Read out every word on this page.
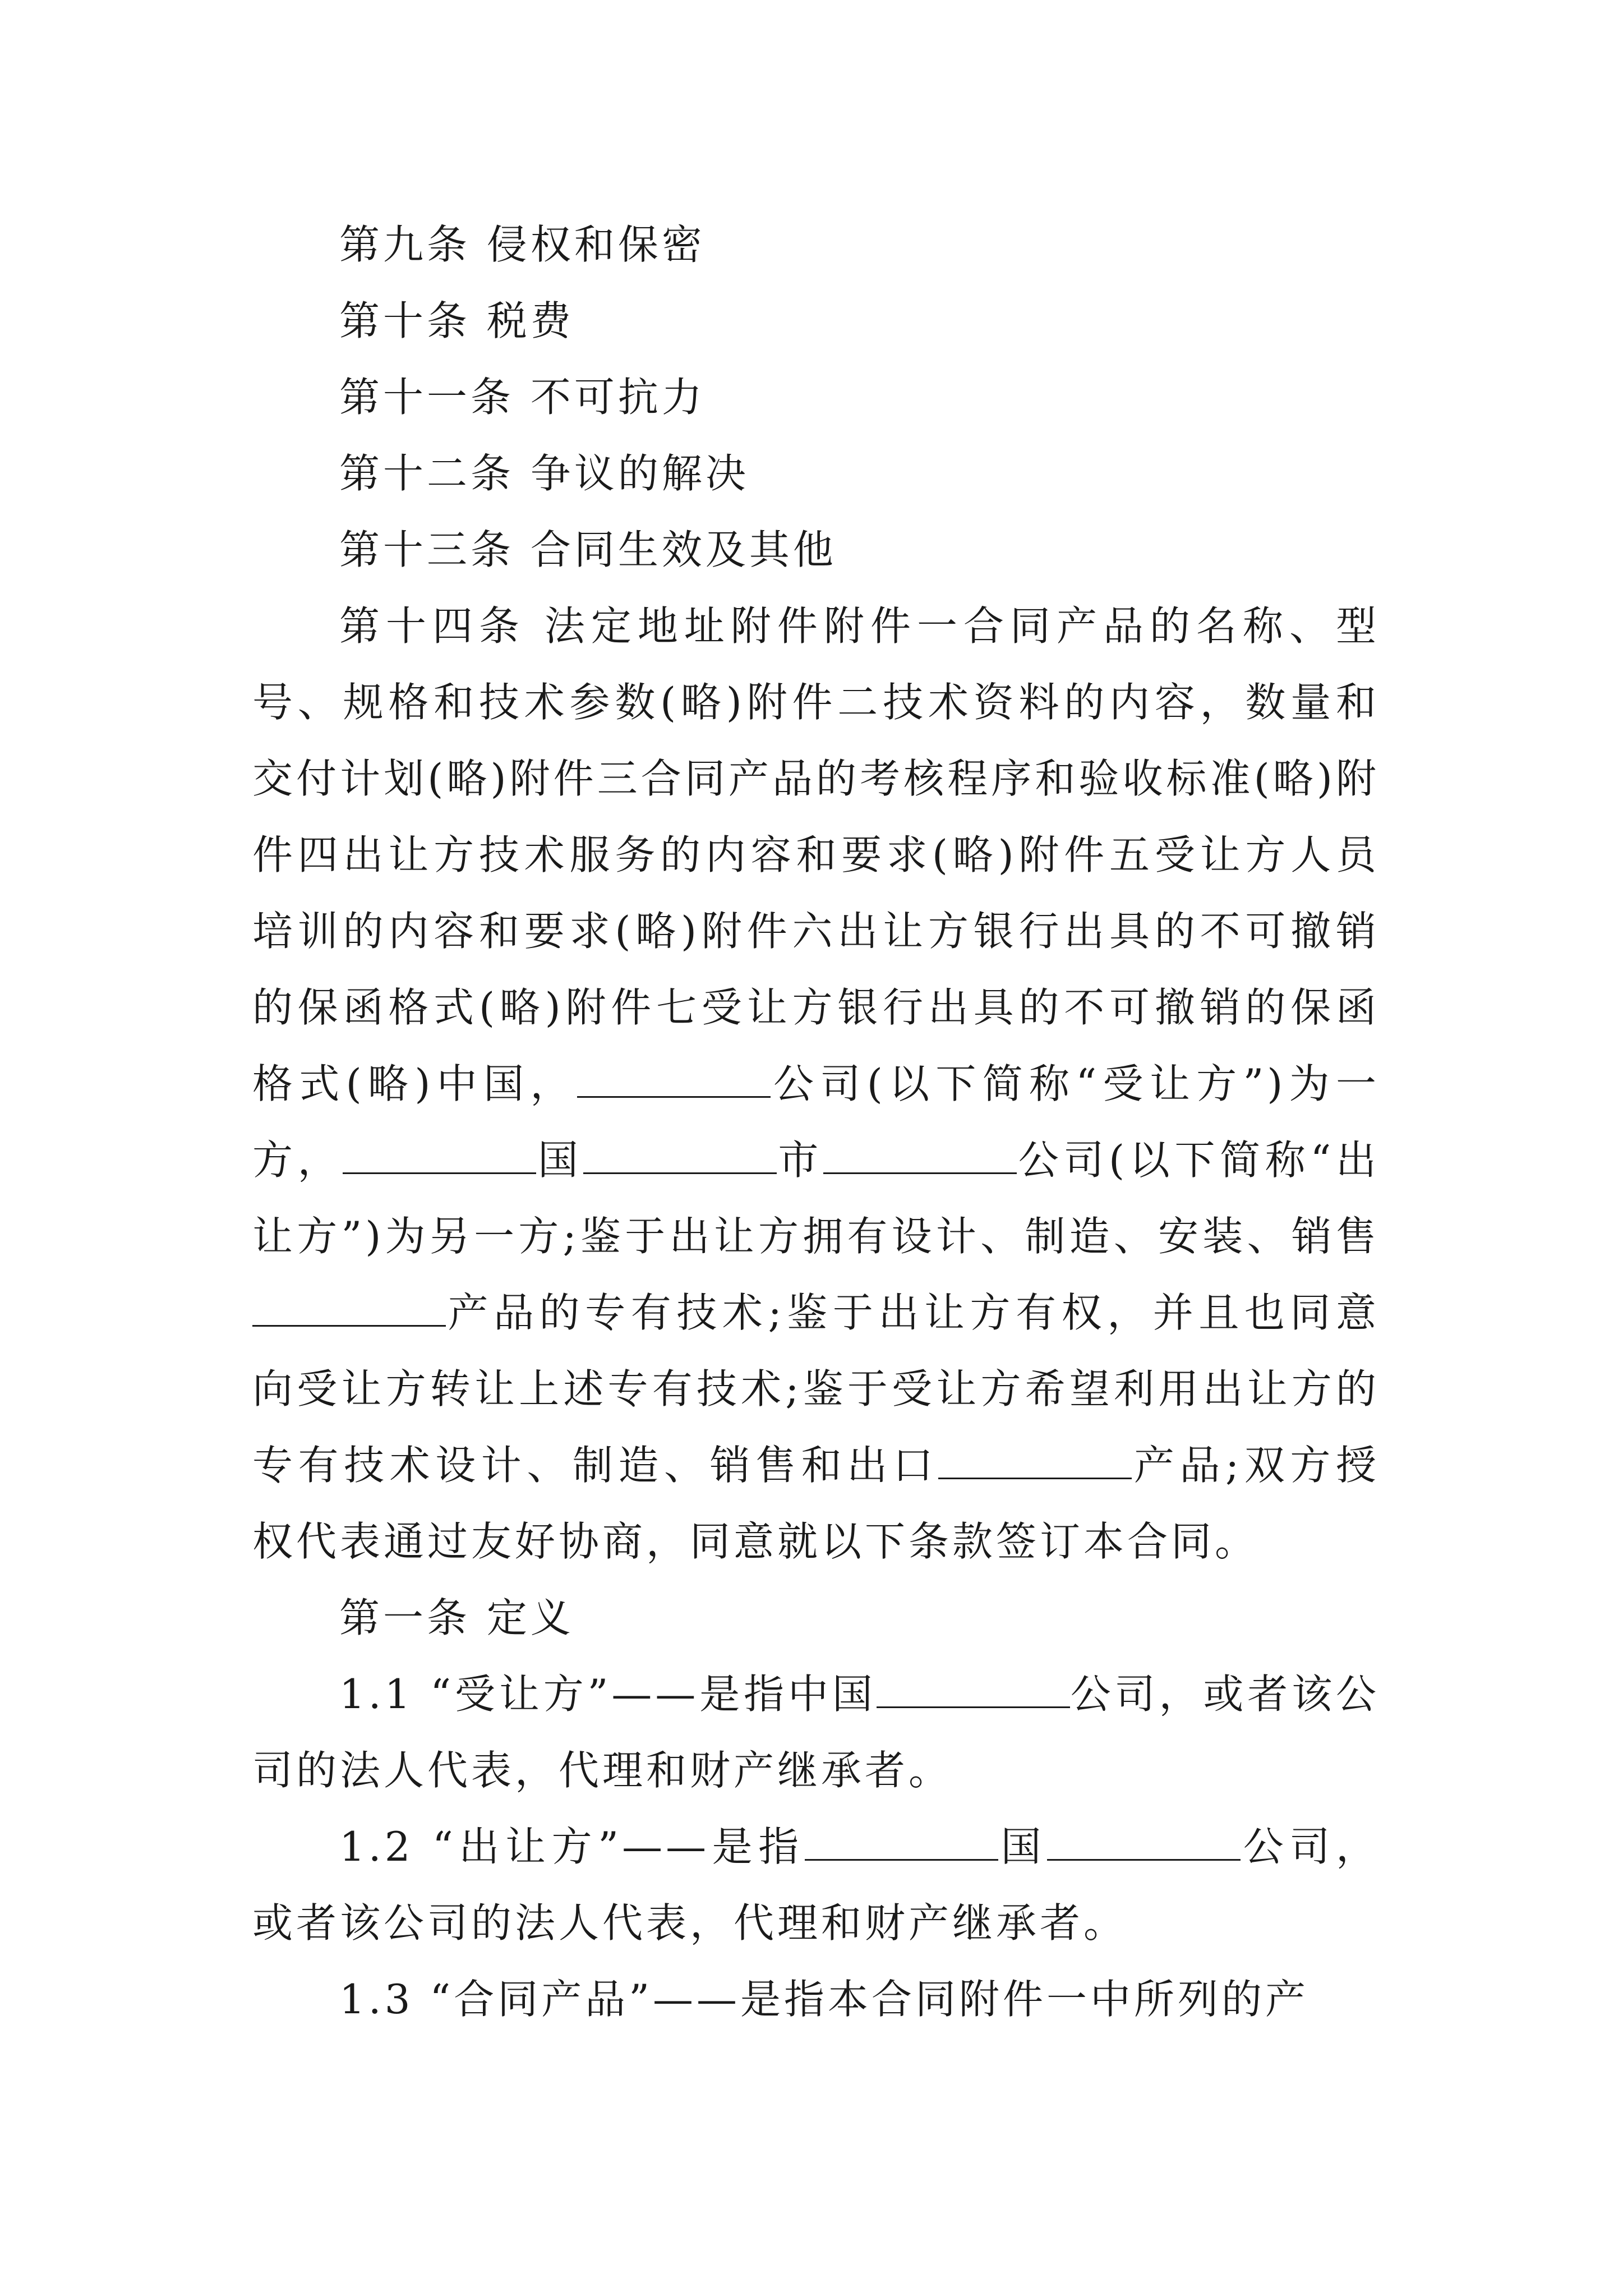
第九条 侵权和保密
第十条 税费
第十一条 不可抗力
第十二条 争议的解决
第十三条 合同生效及其他

第十四条 法定地址附件附件一合同产品的名称、型号、规格和技术参数(略)附件二技术资料的内容，数量和交付计划(略)附件三合同产品的考核程序和验收标准(略)附件四出让方技术服务的内容和要求(略)附件五受让方人员培训的内容和要求(略)附件六出让方银行出具的不可撤销的保函格式(略)附件七受让方银行出具的不可撤销的保函格式(略)中国，	公司(以下简称“受让方”)为一方，	国	市	公司(以下简称“出让方”)为另一方;鉴于出让方拥有设计、制造、安装、销售产品的专有技术;鉴于出让方有权，并且也同意向受让方转让上述专有技术;鉴于受让方希望利用出让方的专有技术设计、制造、销售和出口	产品;双方授权代表通过友好协商，同意就以下条款签订本合同。

第一条 定义

1.1 “受让方”——是指中国	公司，或者该公司的法人代表，代理和财产继承者。

1.2 “出让方”——是指	国	公司，或者该公司的法人代表，代理和财产继承者。

1.3 “合同产品”——是指本合同附件一中所列的产
